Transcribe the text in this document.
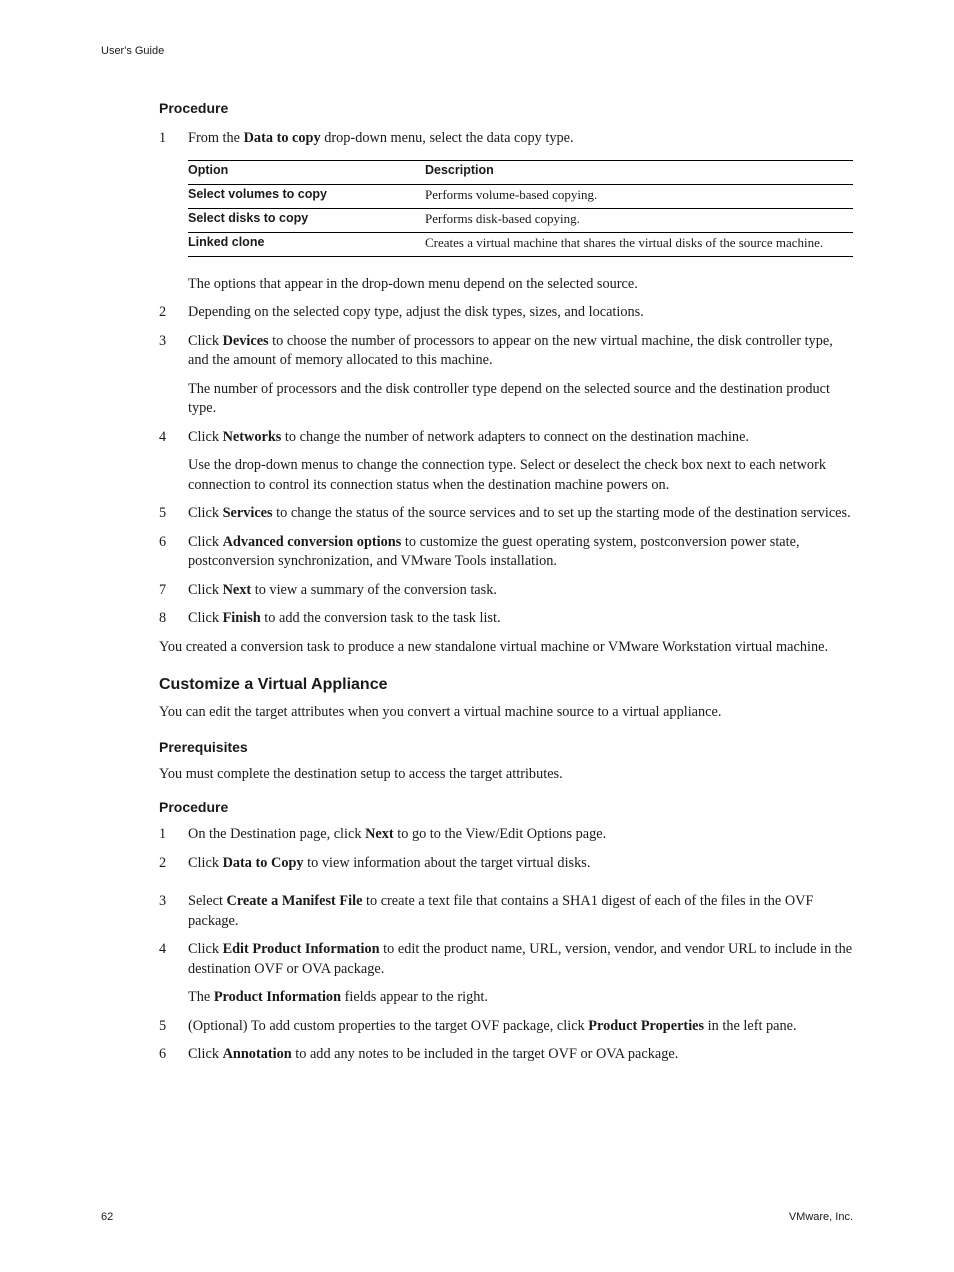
User's Guide
Procedure
1 From the Data to copy drop-down menu, select the data copy type.
Option	Description
Select volumes to copy	Performs volume-based copying.
Select disks to copy	Performs disk-based copying.
Linked clone	Creates a virtual machine that shares the virtual disks of the source machine.
The options that appear in the drop-down menu depend on the selected source.
2 Depending on the selected copy type, adjust the disk types, sizes, and locations.
3 Click Devices to choose the number of processors to appear on the new virtual machine, the disk controller type, and the amount of memory allocated to this machine.
The number of processors and the disk controller type depend on the selected source and the destination product type.
4 Click Networks to change the number of network adapters to connect on the destination machine.
Use the drop-down menus to change the connection type. Select or deselect the check box next to each network connection to control its connection status when the destination machine powers on.
5 Click Services to change the status of the source services and to set up the starting mode of the destination services.
6 Click Advanced conversion options to customize the guest operating system, postconversion power state, postconversion synchronization, and VMware Tools installation.
7 Click Next to view a summary of the conversion task.
8 Click Finish to add the conversion task to the task list.
You created a conversion task to produce a new standalone virtual machine or VMware Workstation virtual machine.
Customize a Virtual Appliance
You can edit the target attributes when you convert a virtual machine source to a virtual appliance.
Prerequisites
You must complete the destination setup to access the target attributes.
Procedure
1 On the Destination page, click Next to go to the View/Edit Options page.
2 Click Data to Copy to view information about the target virtual disks.
3 Select Create a Manifest File to create a text file that contains a SHA1 digest of each of the files in the OVF package.
4 Click Edit Product Information to edit the product name, URL, version, vendor, and vendor URL to include in the destination OVF or OVA package.
The Product Information fields appear to the right.
5 (Optional) To add custom properties to the target OVF package, click Product Properties in the left pane.
6 Click Annotation to add any notes to be included in the target OVF or OVA package.
62	VMware, Inc.
